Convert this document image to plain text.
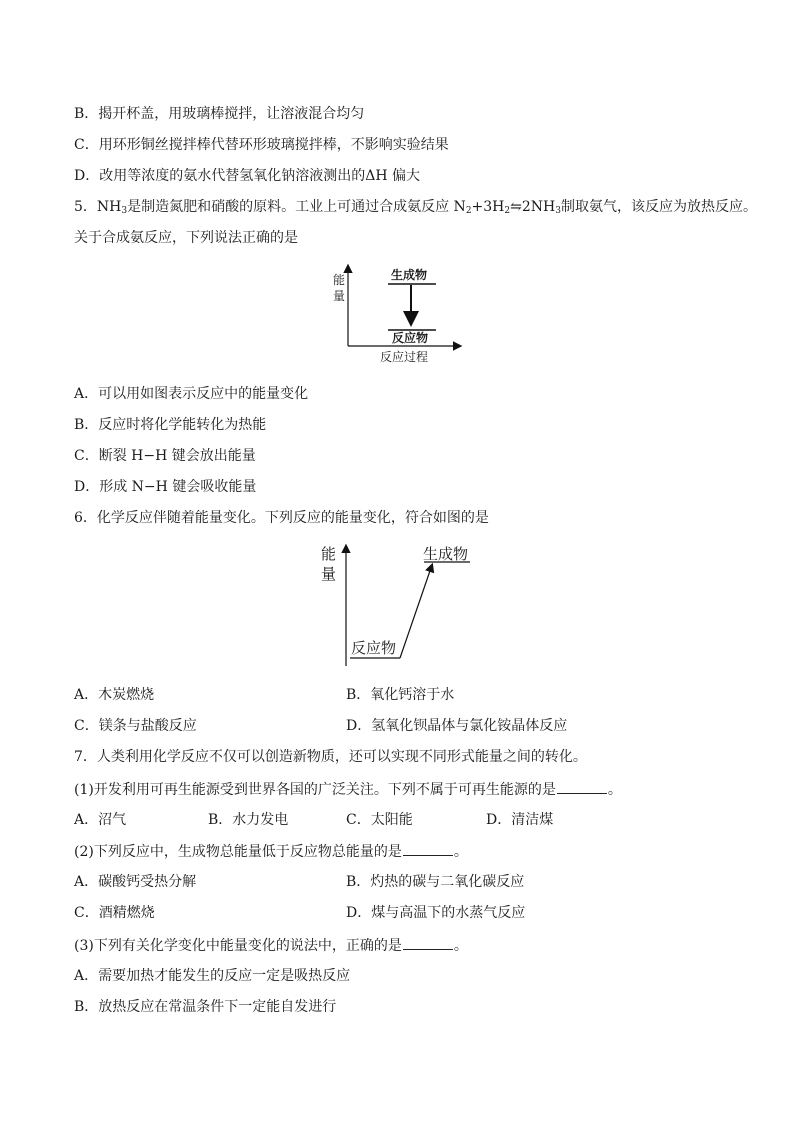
B．揭开杯盖，用玻璃棒搅拌，让溶液混合均匀
C．用环形铜丝搅拌棒代替环形玻璃搅拌棒，不影响实验结果
D．改用等浓度的氨水代替氢氧化钠溶液测出的ΔH 偏大
5．$NH_3$是制造氮肥和硝酸的原料。工业上可通过合成氨反应 $N_2+3H_2⇋2NH_3$制取氨气，该反应为放热反应。
关于合成氨反应，下列说法正确的是
能
量
生成物
反应物
反应过程
A．可以用如图表示反应中的能量变化
B．反应时将化学能转化为热能
C．断裂 H−H 键会放出能量
D．形成 N−H 键会吸收能量
6．化学反应伴随着能量变化。下列反应的能量变化，符合如图的是
能
量
生成物
反应物
A．木炭燃烧	B．氧化钙溶于水
C．镁条与盐酸反应	D．氢氧化钡晶体与氯化铵晶体反应
7．人类利用化学反应不仅可以创造新物质，还可以实现不同形式能量之间的转化。
(1)开发利用可再生能源受到世界各国的广泛关注。下列不属于可再生能源的是	。
A．沼气	B．水力发电	C．太阳能	D．清洁煤
(2)下列反应中，生成物总能量低于反应物总能量的是	。
A．碳酸钙受热分解	B．灼热的碳与二氧化碳反应
C．酒精燃烧	D．煤与高温下的水蒸气反应
(3)下列有关化学变化中能量变化的说法中，正确的是	。
A．需要加热才能发生的反应一定是吸热反应
B．放热反应在常温条件下一定能自发进行
